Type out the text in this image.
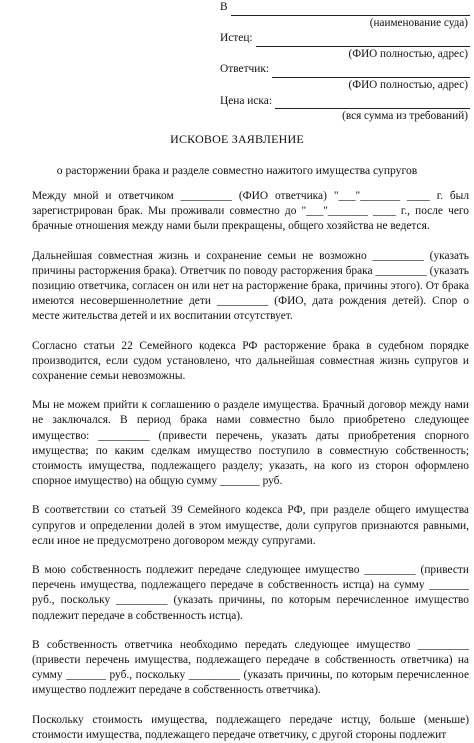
В
(наименование суда)
Истец:
(ФИО полностью, адрес)
Ответчик:
(ФИО полностью, адрес)
Цена иска:
(вся сумма из требований)
ИСКОВОЕ ЗАЯВЛЕНИЕ
о расторжении брака и разделе совместно нажитого имущества супругов

Между мной и ответчиком _________ (ФИО ответчика) "___"_______ ____ г. был зарегистрирован брак. Мы проживали совместно до "___"_______ ____ г., после чего брачные отношения между нами были прекращены, общего хозяйства не ведется.

Дальнейшая совместная жизнь и сохранение семьи не возможно _________ (указать причины расторжения брака). Ответчик по поводу расторжения брака _________ (указать позицию ответчика, согласен он или нет на расторжение брака, причины этого). От брака имеются несовершеннолетние дети _________ (ФИО, дата рождения детей). Спор о месте жительства детей и их воспитании отсутствует.

Согласно статьи 22 Семейного кодекса РФ расторжение брака в судебном порядке производится, если судом установлено, что дальнейшая совместная жизнь супругов и сохранение семьи невозможны.

Мы не можем прийти к соглашению о разделе имущества. Брачный договор между нами не заключался. В период брака нами совместно было приобретено следующее имущество: _________ (привести перечень, указать даты приобретения спорного имущества; по каким сделкам имущество поступило в совместную собственность; стоимость имущества, подлежащего разделу; указать, на кого из сторон оформлено спорное имущество) на общую сумму _______ руб.

В соответствии со статьей 39 Семейного кодекса РФ, при разделе общего имущества супругов и определении долей в этом имуществе, доли супругов признаются равными, если иное не предусмотрено договором между супругами.

В мою собственность подлежит передаче следующее имущество _________ (привести перечень имущества, подлежащего передаче в собственность истца) на сумму _______ руб., поскольку _________ (указать причины, по которым перечисленное имущество подлежит передаче в собственность истца).

В собственность ответчика необходимо передать следующее имущество _________ (привести перечень имущества, подлежащего передаче в собственность ответчика) на сумму _______ руб., поскольку _________ (указать причины, по которым перечисленное имущество подлежит передаче в собственность ответчика).

Поскольку стоимость имущества, подлежащего передаче истцу, больше (меньше) стоимости имущества, подлежащего передаче ответчику, с другой стороны подлежит
